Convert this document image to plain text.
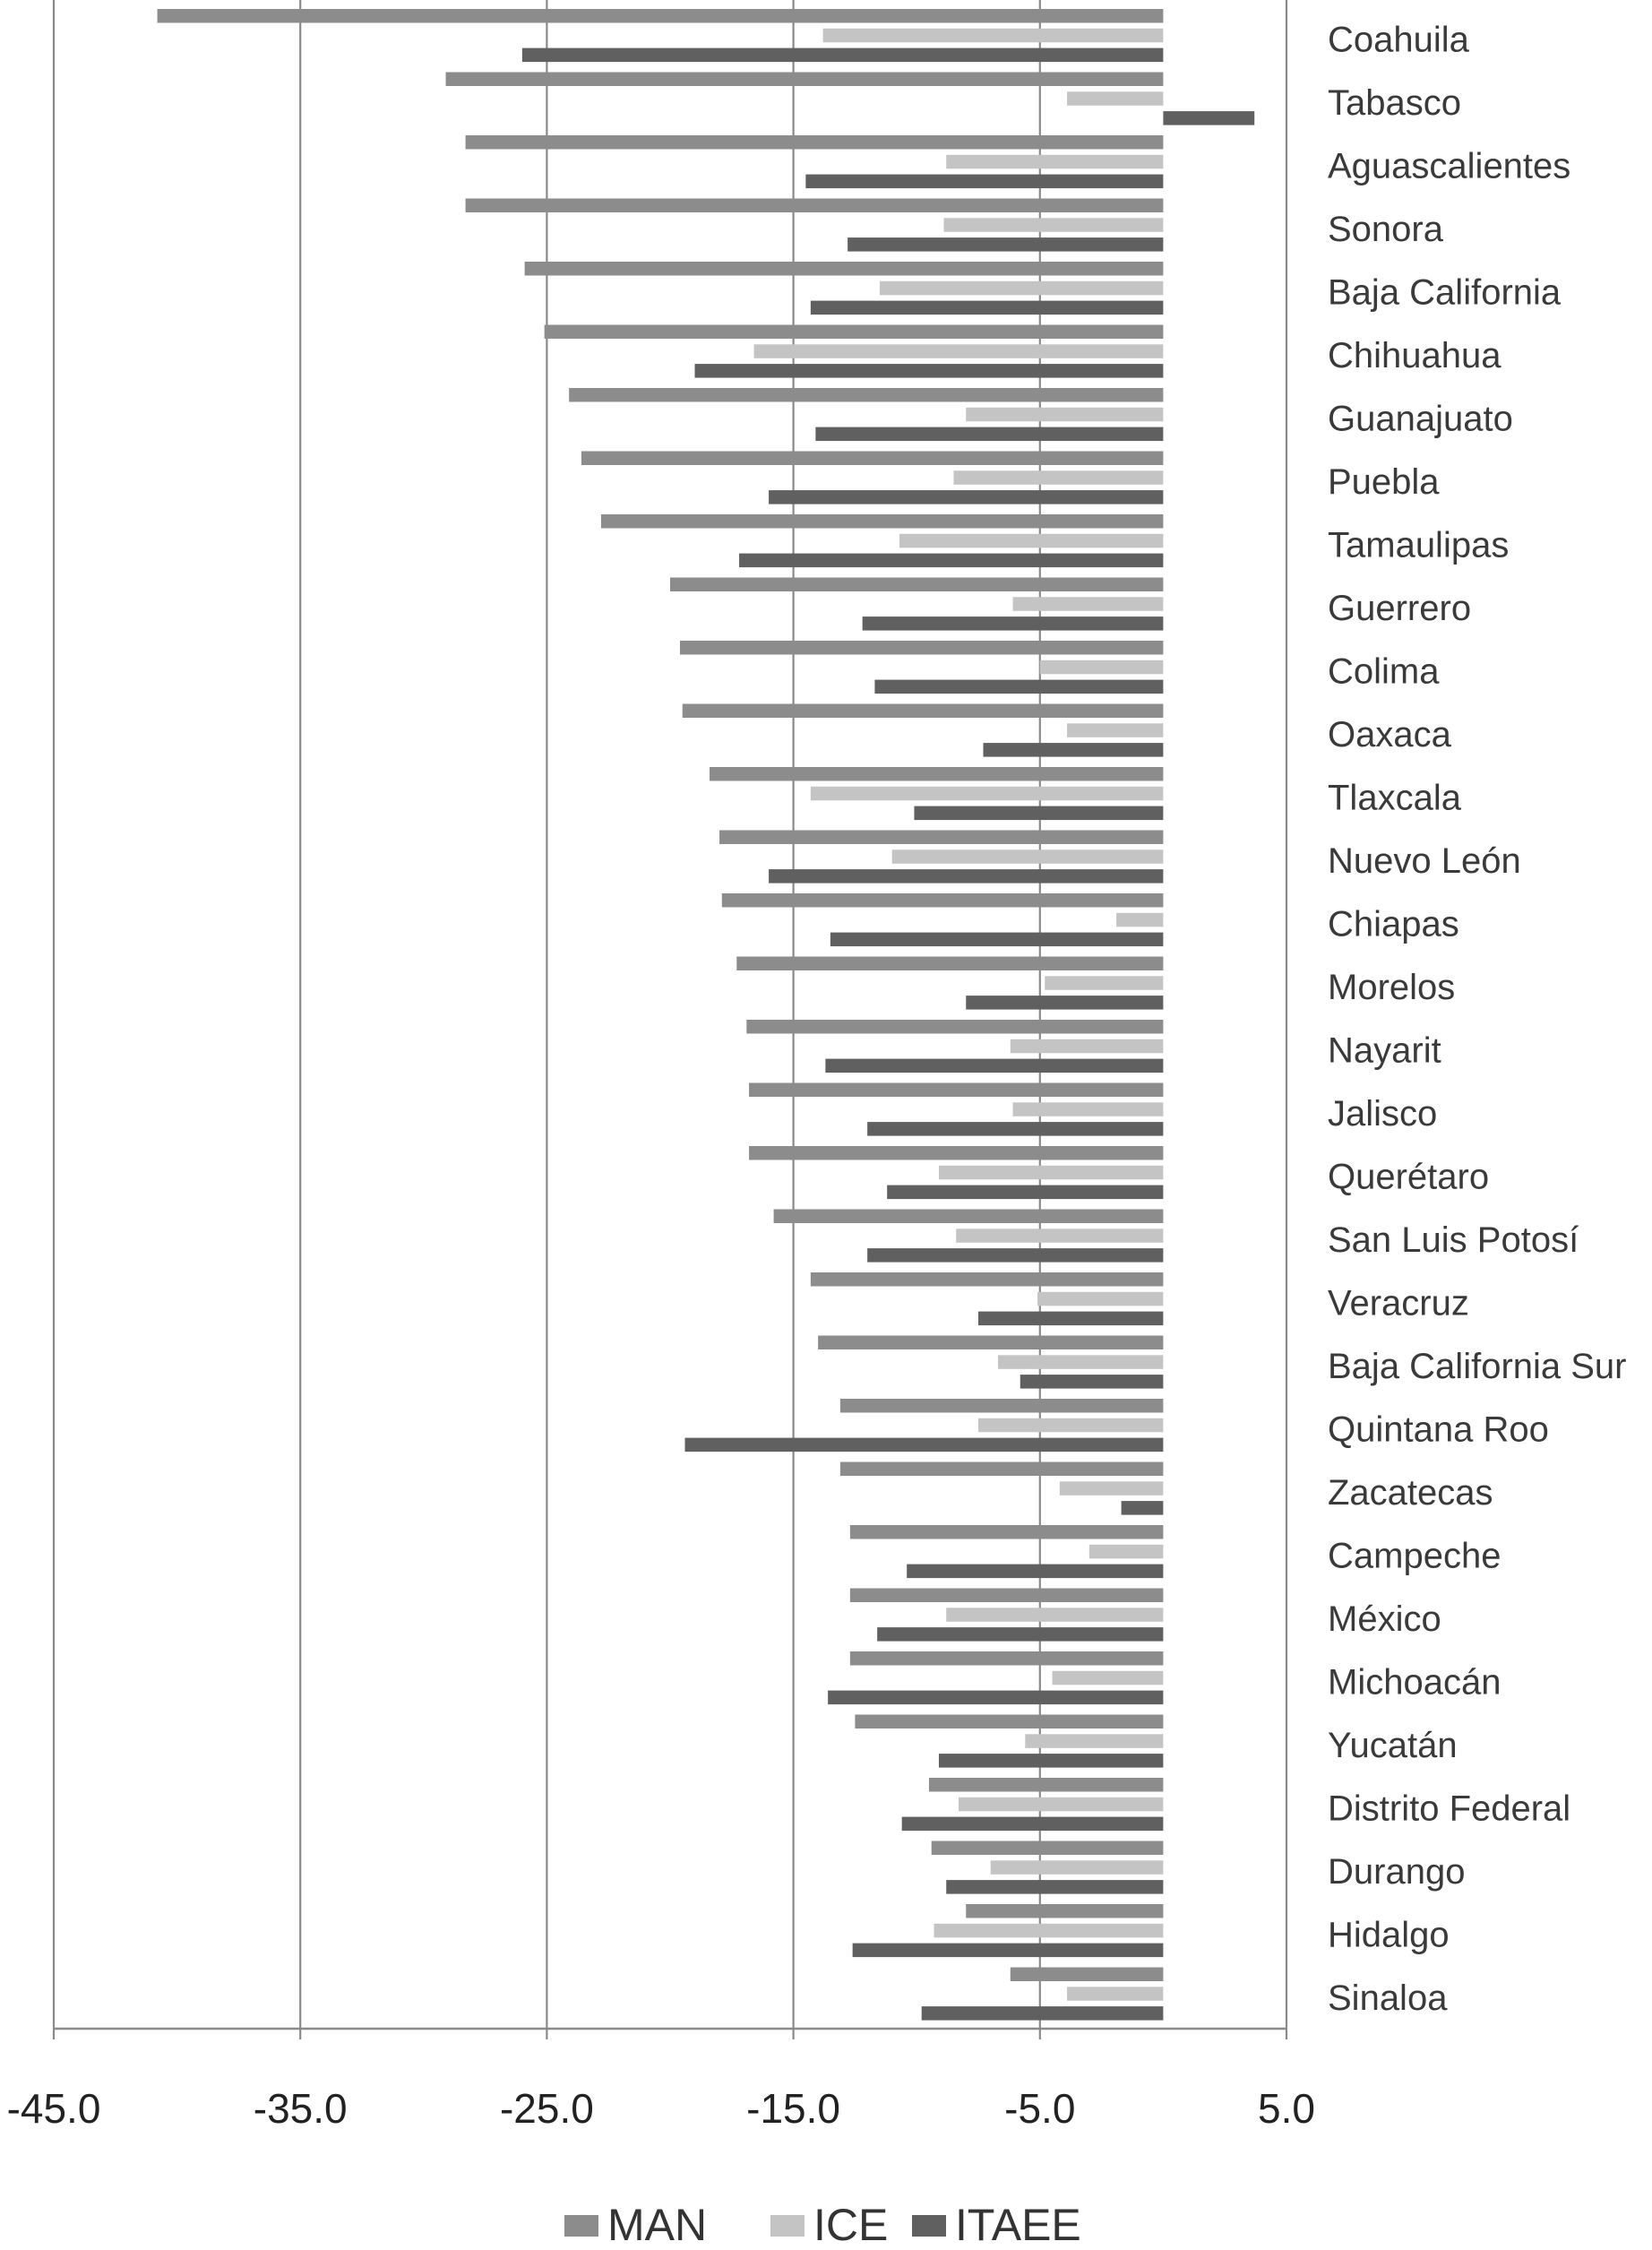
-45.0	-35.0	-25.0	-15.0	-5.0	5.0
Coahuila
Tabasco
Aguascalientes
Sonora
Baja California
Chihuahua
Guanajuato
Puebla
Tamaulipas
Guerrero
Colima
Oaxaca
Tlaxcala
Nuevo León
Chiapas
Morelos
Nayarit
Jalisco
Querétaro
San Luis Potosí
Veracruz
Baja California Sur
Quintana Roo
Zacatecas
Campeche
México
Michoacán
Yucatán
Distrito Federal
Durango
Hidalgo
Sinaloa
MAN ICE ITAEE
